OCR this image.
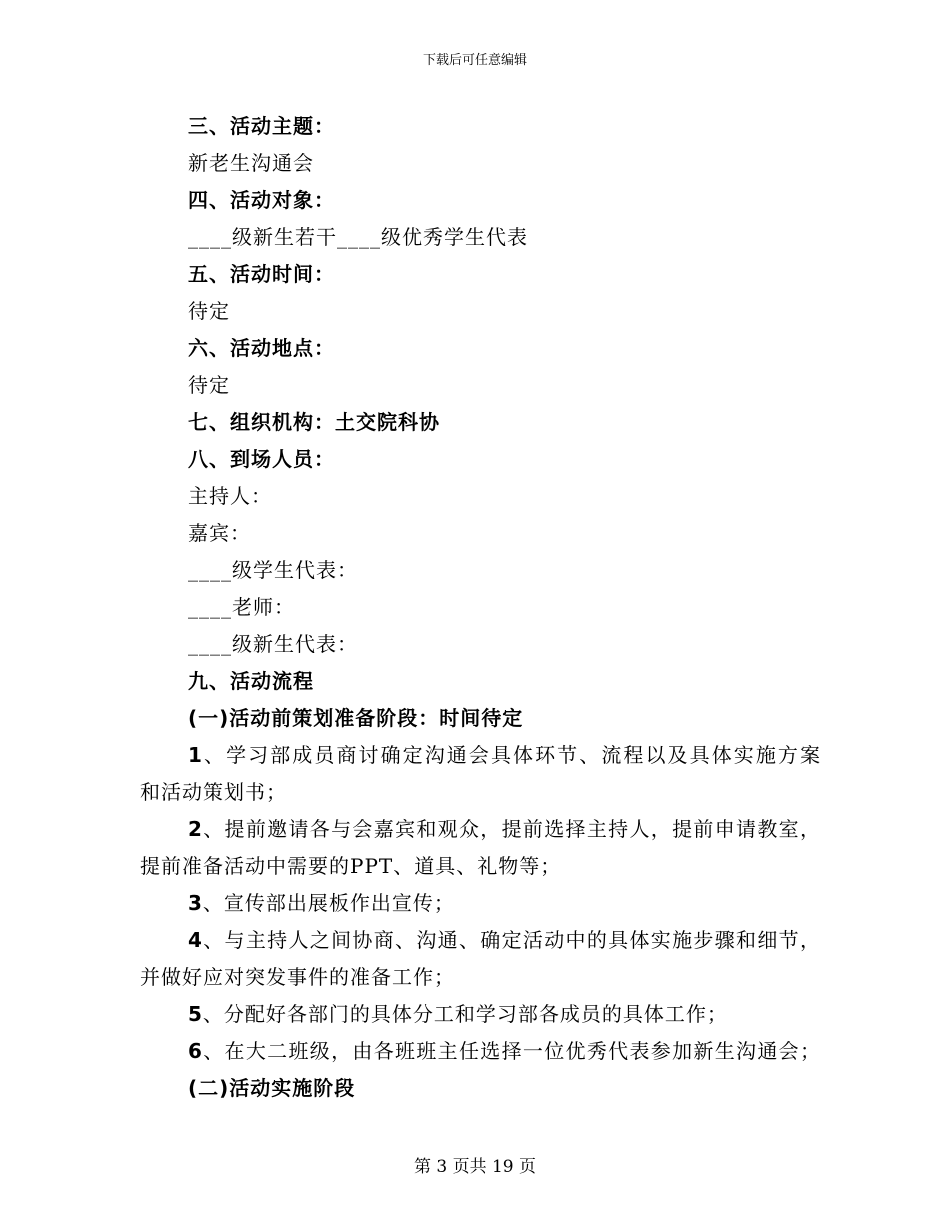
下载后可任意编辑
三、活动主题：
新老生沟通会
四、活动对象：
____级新生若干____级优秀学生代表
五、活动时间：
待定
六、活动地点：
待定
七、组织机构：土交院科协
八、到场人员：
主持人：
嘉宾：
____级学生代表：
____老师：
____级新生代表：
九、活动流程
(一)活动前策划准备阶段：时间待定
1、学习部成员商讨确定沟通会具体环节、流程以及具体实施方案
和活动策划书；
2、提前邀请各与会嘉宾和观众，提前选择主持人，提前申请教室，
提前准备活动中需要的PPT、道具、礼物等；
3、宣传部出展板作出宣传；
4、与主持人之间协商、沟通、确定活动中的具体实施步骤和细节，
并做好应对突发事件的准备工作；
5、分配好各部门的具体分工和学习部各成员的具体工作；
6、在大二班级，由各班班主任选择一位优秀代表参加新生沟通会；
(二)活动实施阶段
第 3 页共 19 页
